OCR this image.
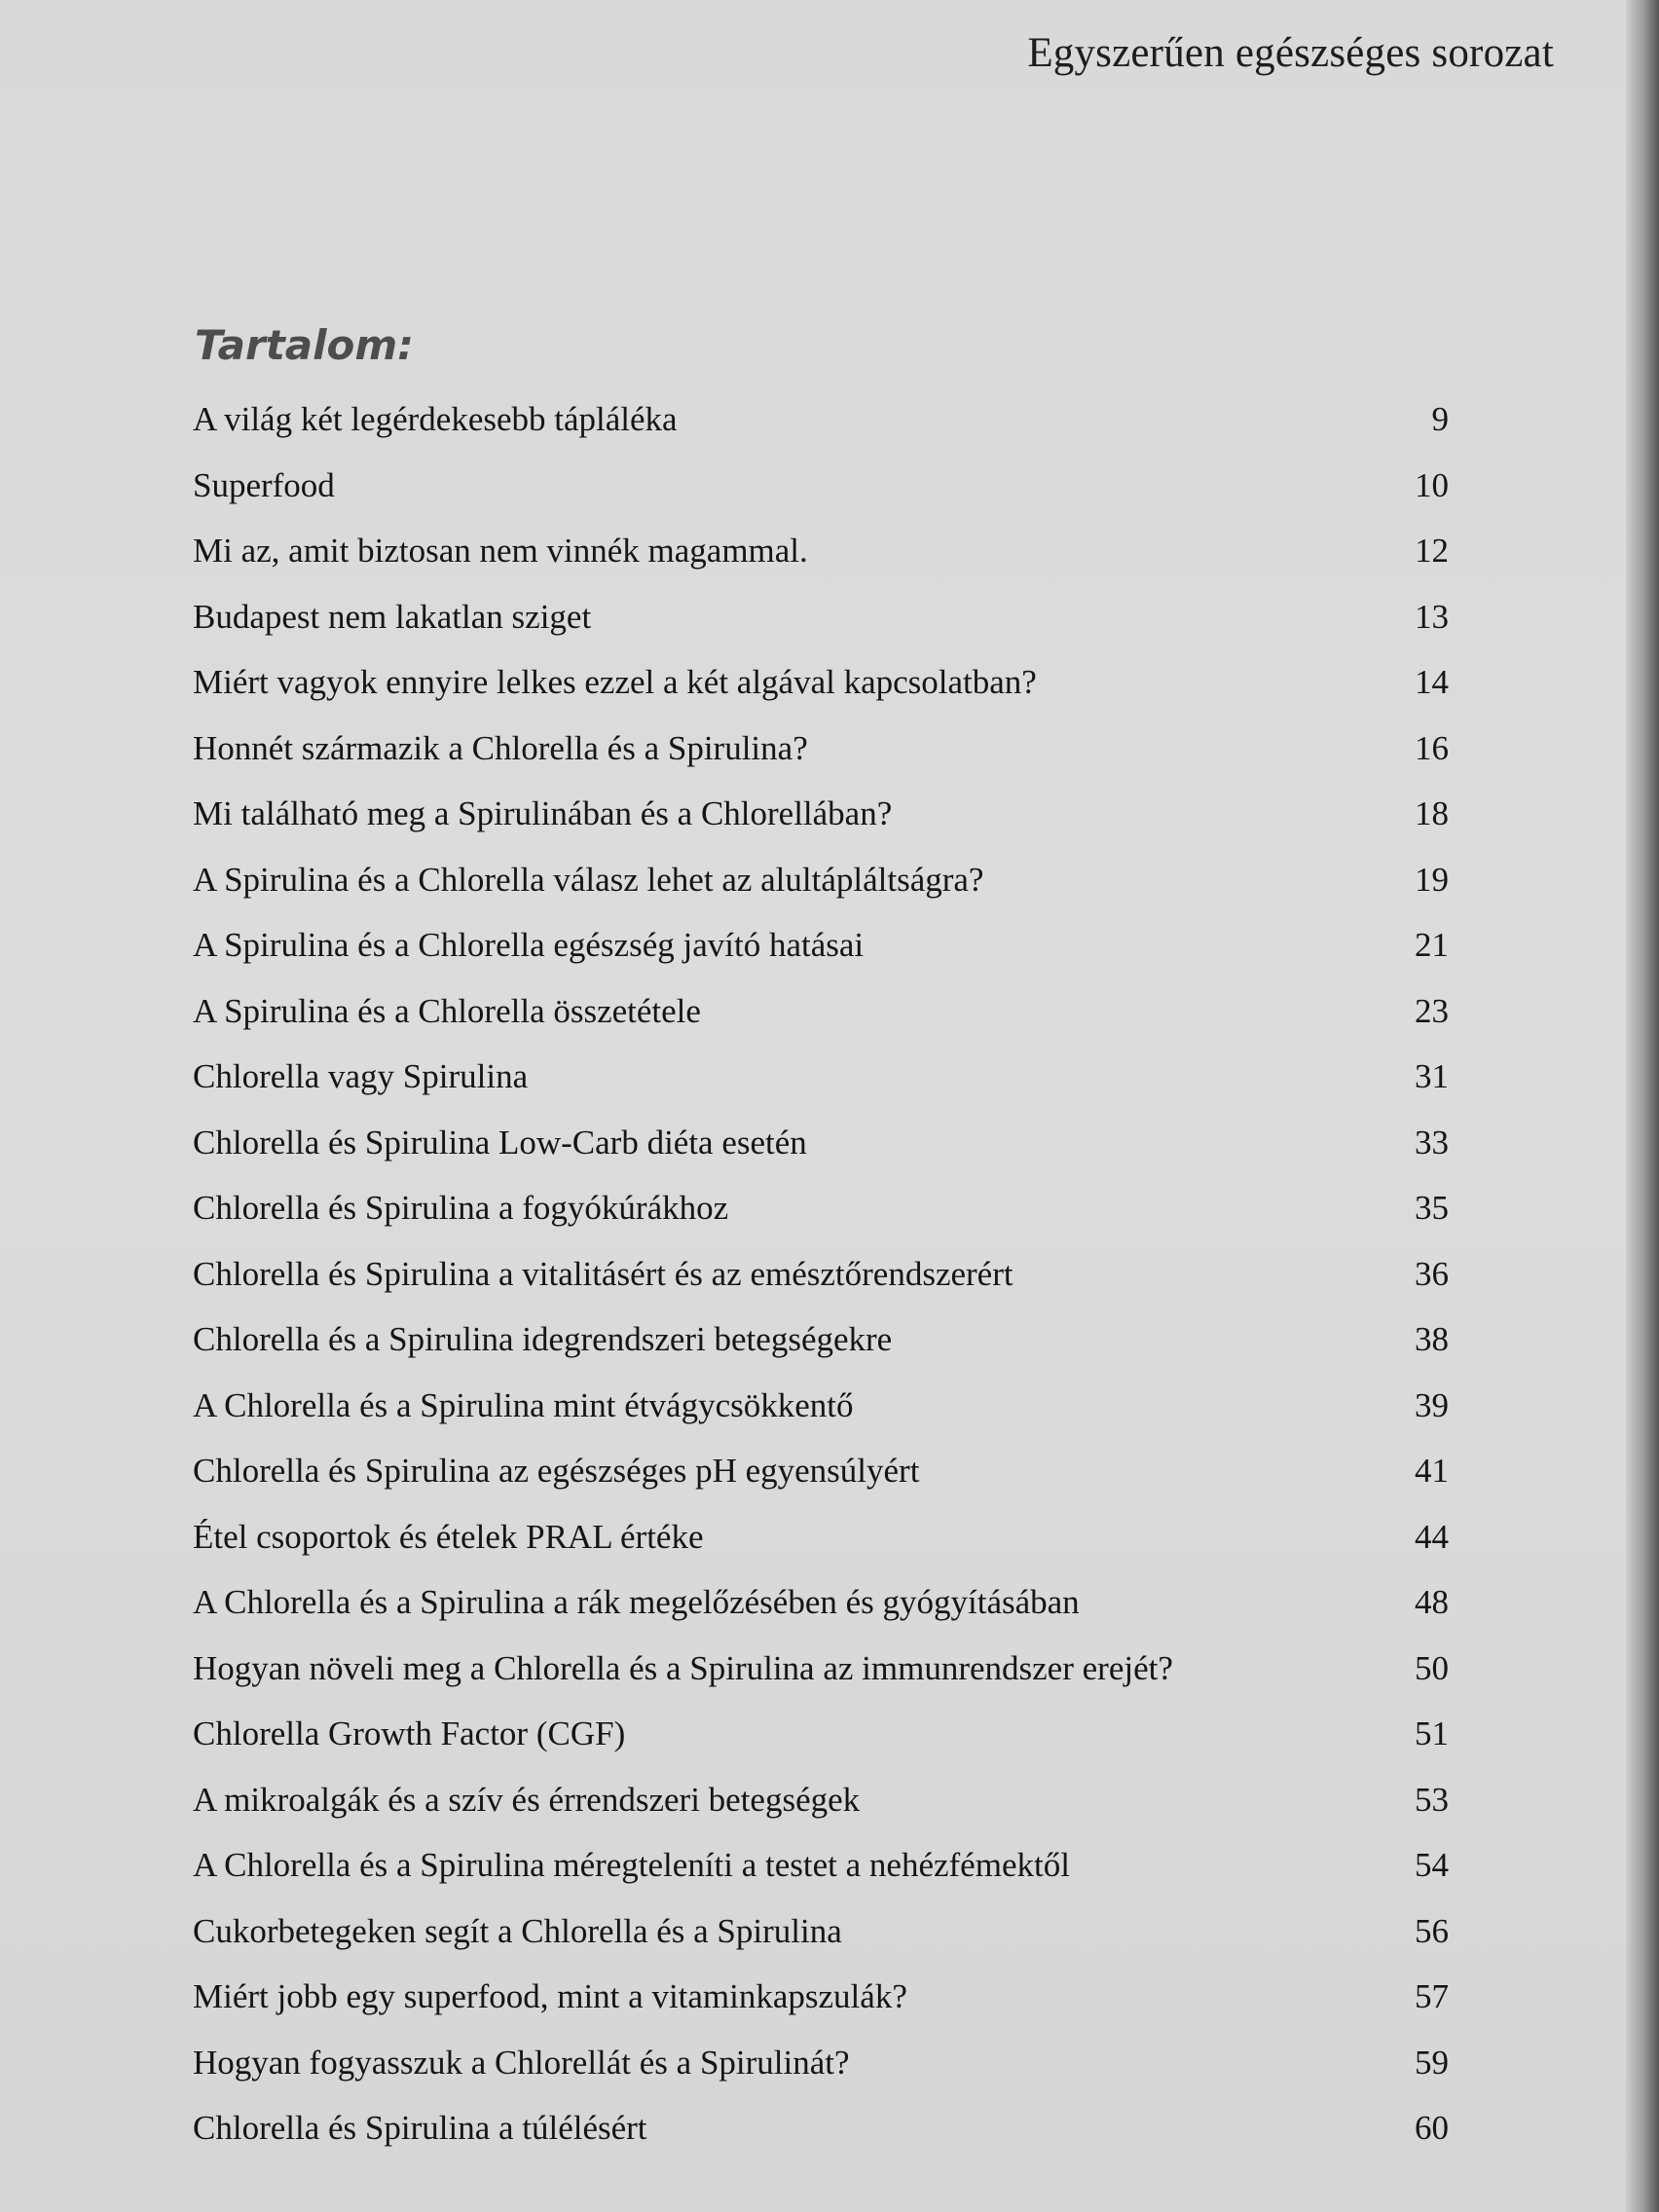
Egyszerűen egészséges sorozat
Tartalom:
A világ két legérdekesebb tápláléka	9
Superfood	10
Mi az, amit biztosan nem vinnék magammal.	12
Budapest nem lakatlan sziget	13
Miért vagyok ennyire lelkes ezzel a két algával kapcsolatban?	14
Honnét származik a Chlorella és a Spirulina?	16
Mi található meg a Spirulinában és a Chlorellában?	18
A Spirulina és a Chlorella válasz lehet az alultápláltságra?	19
A Spirulina és a Chlorella egészség javító hatásai	21
A Spirulina és a Chlorella összetétele	23
Chlorella vagy Spirulina	31
Chlorella és Spirulina Low-Carb diéta esetén	33
Chlorella és Spirulina a fogyókúrákhoz	35
Chlorella és Spirulina a vitalitásért és az emésztőrendszerért	36
Chlorella és a Spirulina idegrendszeri betegségekre	38
A Chlorella és a Spirulina mint étvágycsökkentő	39
Chlorella és Spirulina az egészséges pH egyensúlyért	41
Étel csoportok és ételek PRAL értéke	44
A Chlorella és a Spirulina a rák megelőzésében és gyógyításában	48
Hogyan növeli meg a Chlorella és a Spirulina az immunrendszer erejét?	50
Chlorella Growth Factor (CGF)	51
A mikroalgák és a szív és érrendszeri betegségek	53
A Chlorella és a Spirulina méregteleníti a testet a nehézfémektől	54
Cukorbetegeken segít a Chlorella és a Spirulina	56
Miért jobb egy superfood, mint a vitaminkapszulák?	57
Hogyan fogyasszuk a Chlorellát és a Spirulinát?	59
Chlorella és Spirulina a túlélésért	60
